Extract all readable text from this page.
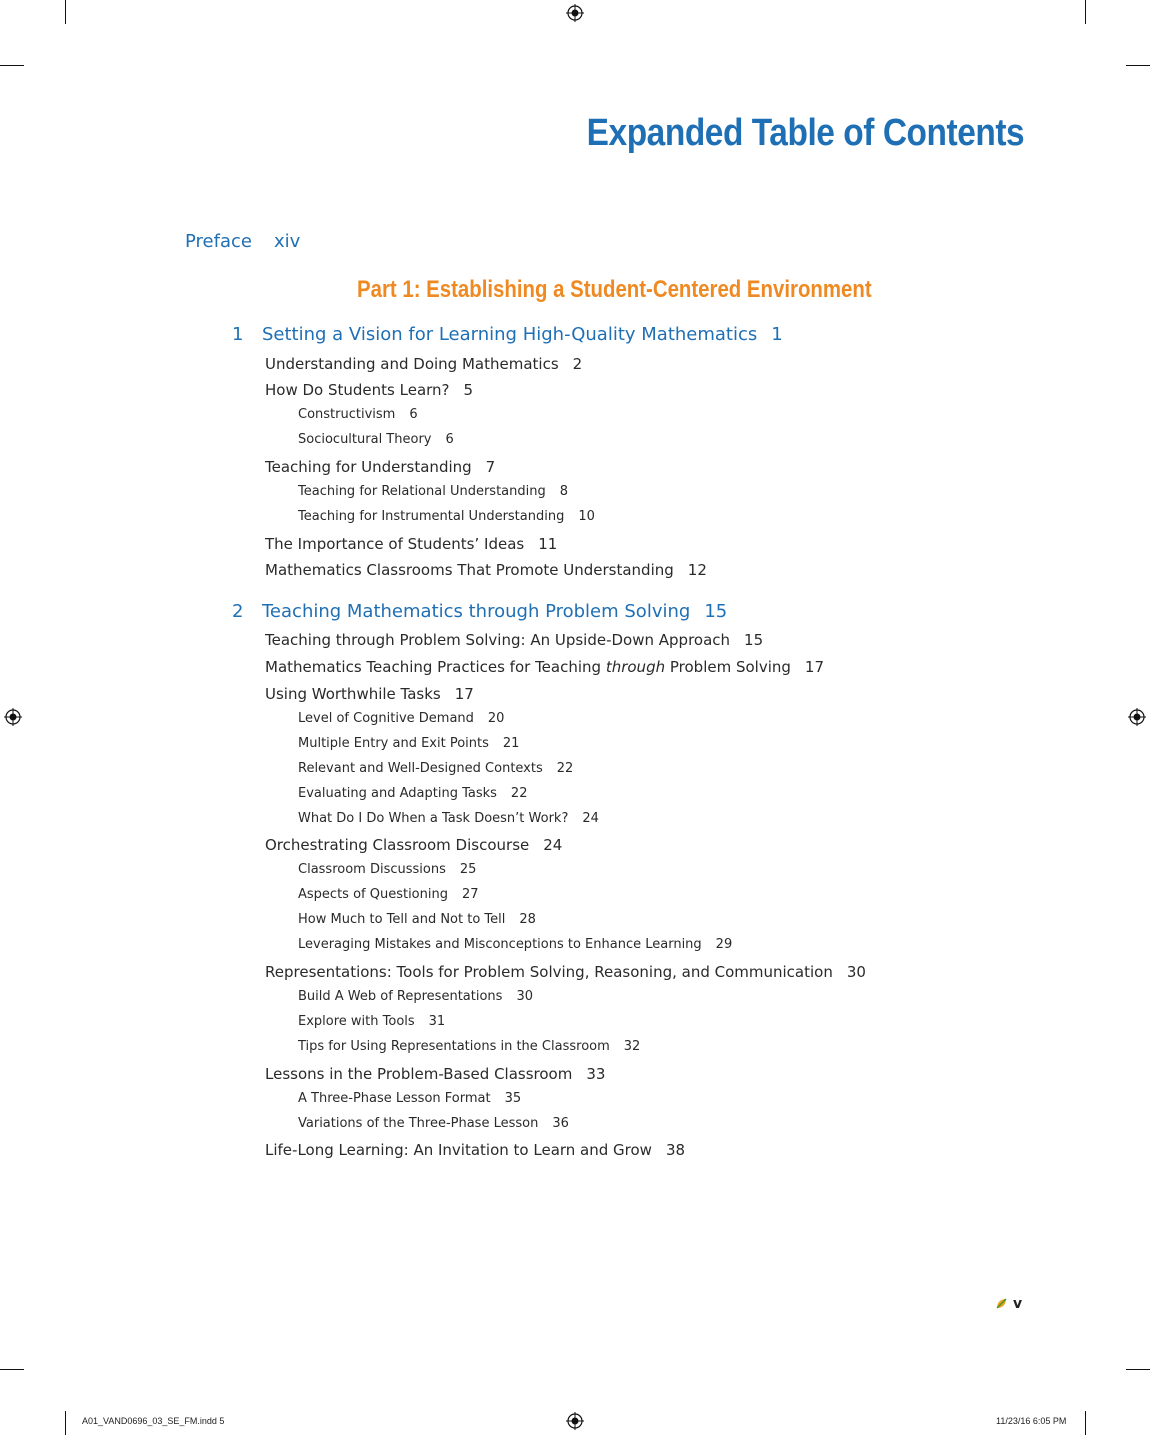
Expanded Table of Contents
Preface xiv
Part 1: Establishing a Student-Centered Environment
1 Setting a Vision for Learning High-Quality Mathematics 1
Understanding and Doing Mathematics 2
How Do Students Learn? 5
Constructivism 6
Sociocultural Theory 6
Teaching for Understanding 7
Teaching for Relational Understanding 8
Teaching for Instrumental Understanding 10
The Importance of Students’ Ideas 11
Mathematics Classrooms That Promote Understanding 12
2 Teaching Mathematics through Problem Solving 15
Teaching through Problem Solving: An Upside-Down Approach 15
Mathematics Teaching Practices for Teaching through Problem Solving 17
Using Worthwhile Tasks 17
Level of Cognitive Demand 20
Multiple Entry and Exit Points 21
Relevant and Well-Designed Contexts 22
Evaluating and Adapting Tasks 22
What Do I Do When a Task Doesn’t Work? 24
Orchestrating Classroom Discourse 24
Classroom Discussions 25
Aspects of Questioning 27
How Much to Tell and Not to Tell 28
Leveraging Mistakes and Misconceptions to Enhance Learning 29
Representations: Tools for Problem Solving, Reasoning, and Communication 30
Build A Web of Representations 30
Explore with Tools 31
Tips for Using Representations in the Classroom 32
Lessons in the Problem-Based Classroom 33
A Three-Phase Lesson Format 35
Variations of the Three-Phase Lesson 36
Life-Long Learning: An Invitation to Learn and Grow 38
v
A01_VAND0696_03_SE_FM.indd 5	11/23/16 6:05 PM
